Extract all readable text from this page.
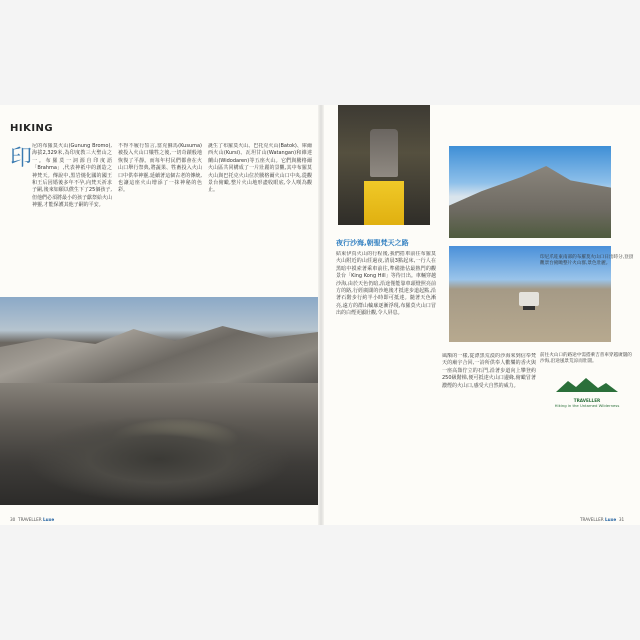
HIKING
印 尼的布羅莫火山(Gunung Bromo),海拔2,329米,為印度教三大聖山之一。布羅莫一詞源自印度語「Brahma」,代表神祇中的創造之神梵天。傳說中,黑岩燒化國的國王和王后因婚後多年不孕,向梵天祈求子嗣,後來如願以償生下了25個孩子,但他們必須將最小的孩子獻祭給火山神靈,才能保護其他子嗣的平安。

不得不履行誓言,當克蘇馬(Kusuma)被投入火山口犧牲之後,一切奇蹟般地恢復了平靜。而每年村民們都會在火山口舉行祭典,將蔬果、牲畜投入火山口中供奉神靈,延續著這個古老的傳統,也讓這座火山增添了一抹神秘的色彩。

誕生了布羅莫火山、巴托克火山(Batok)、庫爾西火山(Kursi)、瓦坦甘山(Watangan)和維達蘭山(Widodaren)等五座火山。它們與騰格爾火山區共同構成了一片壯麗的景觀,其中布羅莫火山與巴托克火山位於騰格爾火山口中央,從觀景台俯瞰,整片火山地形盡收眼底,令人嘆為觀止。

夜行沙海,朝聖梵天之路

結束伊真火山的行程後,我們搭車前往布羅莫火山附近的山莊過夜,清晨3點起床,一行人在黑暗中摸索著乘車前往,準備搶佔最熱門的觀景台「King Kong Hill」等待日出。車輛穿越沙海,由於天色仍暗,沿途僅能靠車頭燈照亮前方的路,行經廣闊的沙地後才抵達步道起點,沿著石階步行約半小時即可抵達。隨著天色漸亮,遠方的群山輪廓逐漸浮現,布羅莫火山口冒出的白煙更顯壯觀,令人屏息。

風額的一樣,從漂黑荒漠的沙海來到信奉梵天的廟宇合回,一詩所供奉人歡樂的香火與一座高聳佇立的石門,沿著步道向上攀登約250級階梯,便可抵達火山口邊緣,俯瞰冒著濃煙的火山口,感受大自然的威力。

印尼爪哇東南部的布羅莫火山口日出時分,登頂觀景台俯瞰整片火山群,景色壯麗。
前往火山口的路途中需搭乘吉普車穿越廣闊的沙海,沿途風景荒涼而壯闊。
TRAVELLER
Hiking in the Untamed Wilderness
30 TRAVELLER Luxe	TRAVELLER Luxe 31
